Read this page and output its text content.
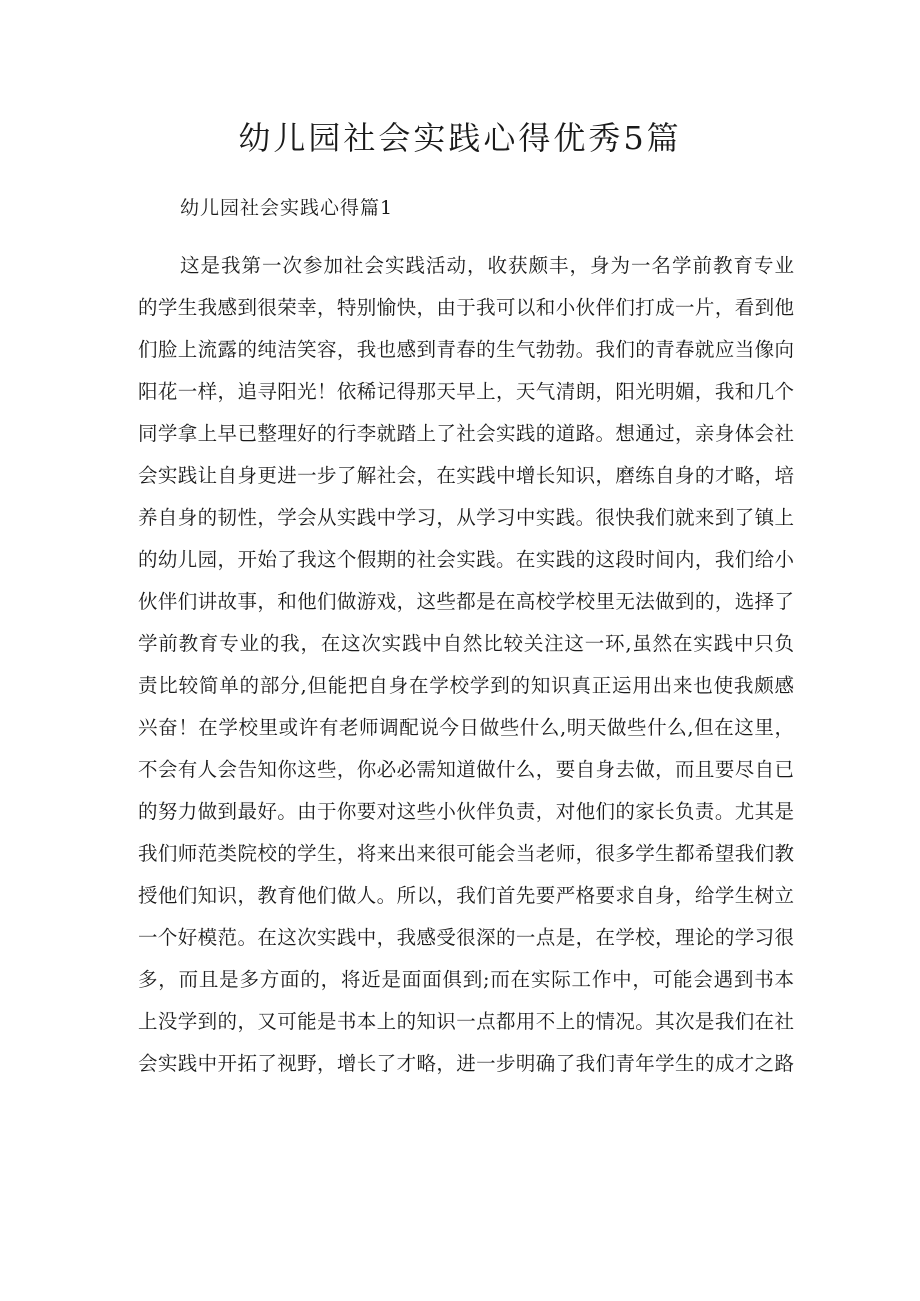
幼儿园社会实践心得优秀5篇
幼儿园社会实践心得篇1
这是我第一次参加社会实践活动，收获颇丰，身为一名学前教育专业
的学生我感到很荣幸，特别愉快，由于我可以和小伙伴们打成一片，看到他
们脸上流露的纯洁笑容，我也感到青春的生气勃勃。我们的青春就应当像向
阳花一样，追寻阳光！依稀记得那天早上，天气清朗，阳光明媚，我和几个
同学拿上早已整理好的行李就踏上了社会实践的道路。想通过，亲身体会社
会实践让自身更进一步了解社会，在实践中增长知识，磨练自身的才略，培
养自身的韧性，学会从实践中学习，从学习中实践。很快我们就来到了镇上
的幼儿园，开始了我这个假期的社会实践。在实践的这段时间内，我们给小
伙伴们讲故事，和他们做游戏，这些都是在高校学校里无法做到的，选择了
学前教育专业的我，在这次实践中自然比较关注这一环,虽然在实践中只负
责比较简单的部分,但能把自身在学校学到的知识真正运用出来也使我颇感
兴奋！在学校里或许有老师调配说今日做些什么,明天做些什么,但在这里，
不会有人会告知你这些，你必必需知道做什么，要自身去做，而且要尽自已
的努力做到最好。由于你要对这些小伙伴负责，对他们的家长负责。尤其是
我们师范类院校的学生，将来出来很可能会当老师，很多学生都希望我们教
授他们知识，教育他们做人。所以，我们首先要严格要求自身，给学生树立
一个好模范。在这次实践中，我感受很深的一点是，在学校，理论的学习很
多，而且是多方面的，将近是面面俱到;而在实际工作中，可能会遇到书本
上没学到的，又可能是书本上的知识一点都用不上的情况。其次是我们在社
会实践中开拓了视野，增长了才略，进一步明确了我们青年学生的成才之路
